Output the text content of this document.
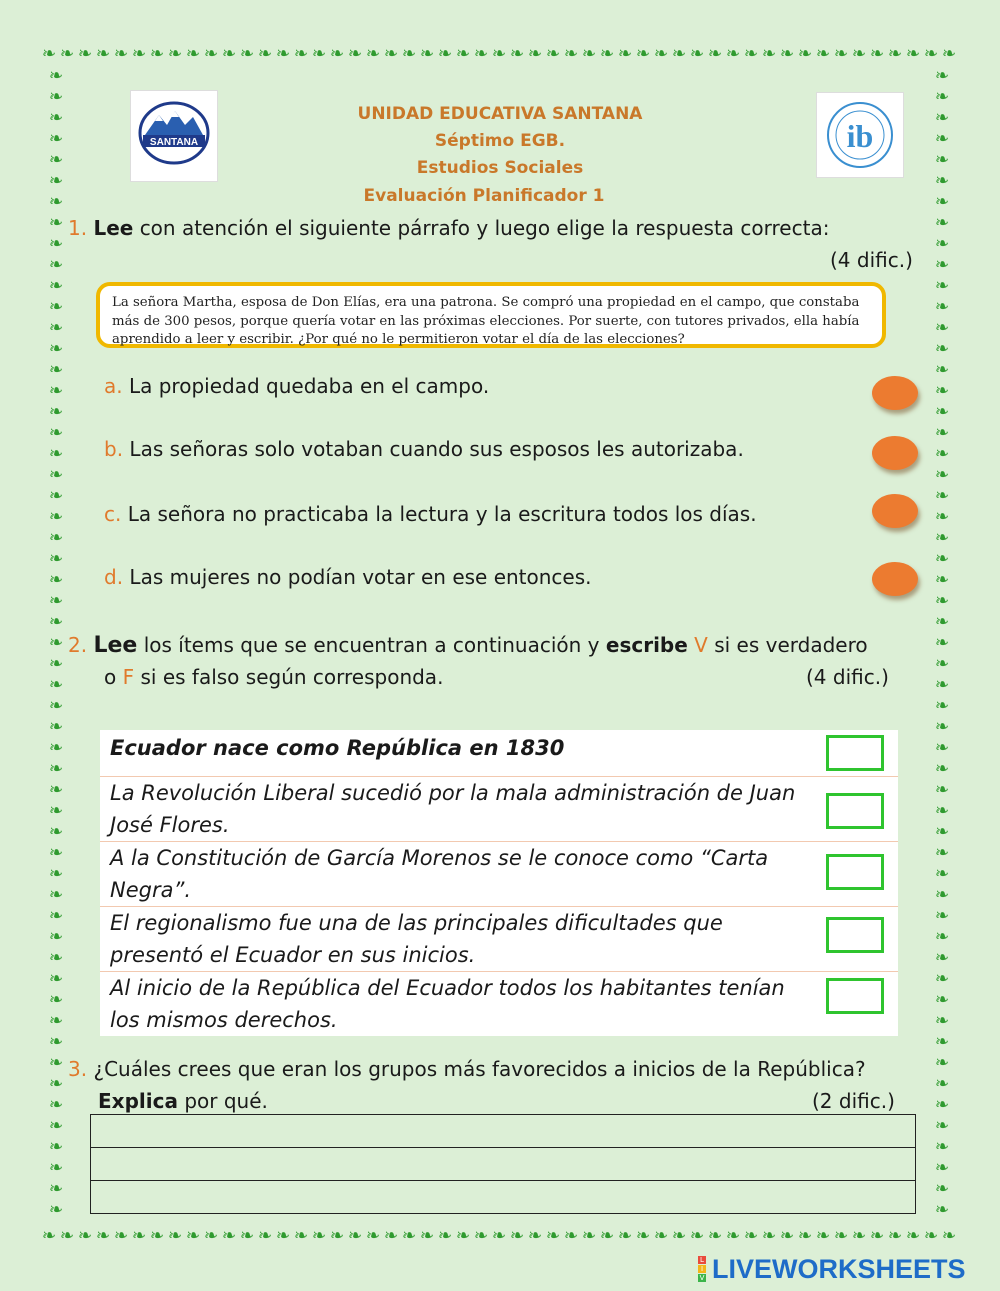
❧ ❧ ❧ ❧ ❧ ❧ ❧ ❧ ❧ ❧ ❧ ❧ ❧ ❧ ❧ ❧ ❧ ❧ ❧ ❧ ❧ ❧ ❧ ❧ ❧ ❧ ❧ ❧ ❧ ❧ ❧ ❧ ❧ ❧ ❧ ❧ ❧ ❧ ❧ ❧ ❧ ❧ ❧ ❧ ❧ ❧ ❧ ❧ ❧ ❧ ❧
❧ ❧ ❧ ❧ ❧ ❧ ❧ ❧ ❧ ❧ ❧ ❧ ❧ ❧ ❧ ❧ ❧ ❧ ❧ ❧ ❧ ❧ ❧ ❧ ❧ ❧ ❧ ❧ ❧ ❧ ❧ ❧ ❧ ❧ ❧ ❧ ❧ ❧ ❧ ❧ ❧ ❧ ❧ ❧ ❧ ❧ ❧ ❧ ❧ ❧ ❧
❧
❧
❧
❧
❧
❧
❧
❧
❧
❧
❧
❧
❧
❧
❧
❧
❧
❧
❧
❧
❧
❧
❧
❧
❧
❧
❧
❧
❧
❧
❧
❧
❧
❧
❧
❧
❧
❧
❧
❧
❧
❧
❧
❧
❧
❧
❧
❧
❧
❧
❧
❧
❧
❧
❧
❧
❧
❧
❧
❧
❧
❧
❧
❧
❧
❧
❧
❧
❧
❧
❧
❧
❧
❧
❧
❧
❧
❧
❧
❧
❧
❧
❧
❧
❧
❧
❧
❧
❧
❧
❧
❧
❧
❧
❧
❧
❧
❧
❧
❧
❧
❧
❧
❧
❧
❧
❧
❧
❧
❧
SANTANA	ib
UNIDAD EDUCATIVA SANTANA
Séptimo EGB.
Estudios Sociales
Evaluación Planificador 1
1. Lee con atención el siguiente párrafo y luego elige la respuesta correcta:
(4 dific.)
La señora Martha, esposa de Don Elías, era una patrona. Se compró una propiedad en el campo, que constaba más de 300 pesos, porque quería votar en las próximas elecciones. Por suerte, con tutores privados, ella había aprendido a leer y escribir. ¿Por qué no le permitieron votar el día de las elecciones?
a. La propiedad quedaba en el campo.
b. Las señoras solo votaban cuando sus esposos les autorizaba.
c. La señora no practicaba la lectura y la escritura todos los días.
d. Las mujeres no podían votar en ese entonces.
2. Lee los ítems que se encuentran a continuación y escribe V si es verdadero
o F si es falso según corresponda.	(4 dific.)
Ecuador nace como República en 1830
La Revolución Liberal sucedió por la mala administración de Juan José Flores.
A la Constitución de García Morenos se le conoce como “Carta Negra”.
El regionalismo fue una de las principales dificultades que presentó el Ecuador en sus inicios.
Al inicio de la República del Ecuador todos los habitantes tenían los mismos derechos.
3. ¿Cuáles crees que eran los grupos más favorecidos a inicios de la República?
Explica por qué.	(2 dific.)
L
I
V LIVEWORKSHEETS
